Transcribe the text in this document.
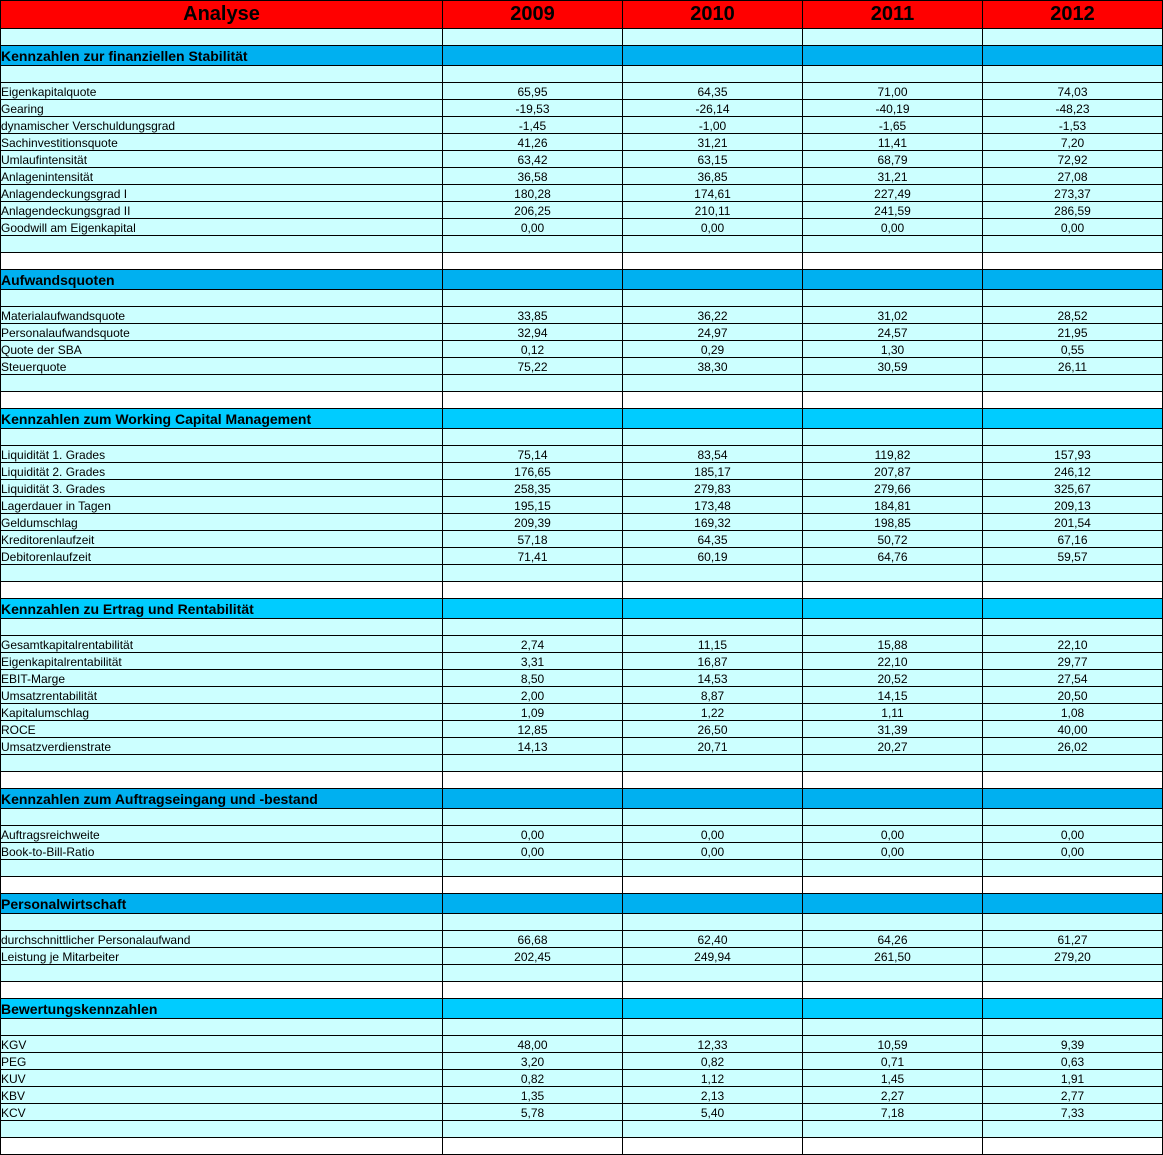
Analyse	2009	2010	2011	2012

Kennzahlen zur finanziellen Stabilität				

Eigenkapitalquote	65,95	64,35	71,00	74,03
Gearing	-19,53	-26,14	-40,19	-48,23
dynamischer Verschuldungsgrad	-1,45	-1,00	-1,65	-1,53
Sachinvestitionsquote	41,26	31,21	11,41	7,20
Umlaufintensität	63,42	63,15	68,79	72,92
Anlagenintensität	36,58	36,85	31,21	27,08
Anlagendeckungsgrad I	180,28	174,61	227,49	273,37
Anlagendeckungsgrad II	206,25	210,11	241,59	286,59
Goodwill am Eigenkapital	0,00	0,00	0,00	0,00

Aufwandsquoten				

Materialaufwandsquote	33,85	36,22	31,02	28,52
Personalaufwandsquote	32,94	24,97	24,57	21,95
Quote der SBA	0,12	0,29	1,30	0,55
Steuerquote	75,22	38,30	30,59	26,11

Kennzahlen zum Working Capital Management				

Liquidität 1. Grades	75,14	83,54	119,82	157,93
Liquidität 2. Grades	176,65	185,17	207,87	246,12
Liquidität 3. Grades	258,35	279,83	279,66	325,67
Lagerdauer in Tagen	195,15	173,48	184,81	209,13
Geldumschlag	209,39	169,32	198,85	201,54
Kreditorenlaufzeit	57,18	64,35	50,72	67,16
Debitorenlaufzeit	71,41	60,19	64,76	59,57

Kennzahlen zu Ertrag und Rentabilität				

Gesamtkapitalrentabilität	2,74	11,15	15,88	22,10
Eigenkapitalrentabilität	3,31	16,87	22,10	29,77
EBIT-Marge	8,50	14,53	20,52	27,54
Umsatzrentabilität	2,00	8,87	14,15	20,50
Kapitalumschlag	1,09	1,22	1,11	1,08
ROCE	12,85	26,50	31,39	40,00
Umsatzverdienstrate	14,13	20,71	20,27	26,02

Kennzahlen zum Auftragseingang und -bestand				

Auftragsreichweite	0,00	0,00	0,00	0,00
Book-to-Bill-Ratio	0,00	0,00	0,00	0,00

Personalwirtschaft				

durchschnittlicher Personalaufwand	66,68	62,40	64,26	61,27
Leistung je Mitarbeiter	202,45	249,94	261,50	279,20

Bewertungskennzahlen				

KGV	48,00	12,33	10,59	9,39
PEG	3,20	0,82	0,71	0,63
KUV	0,82	1,12	1,45	1,91
KBV	1,35	2,13	2,27	2,77
KCV	5,78	5,40	7,18	7,33
